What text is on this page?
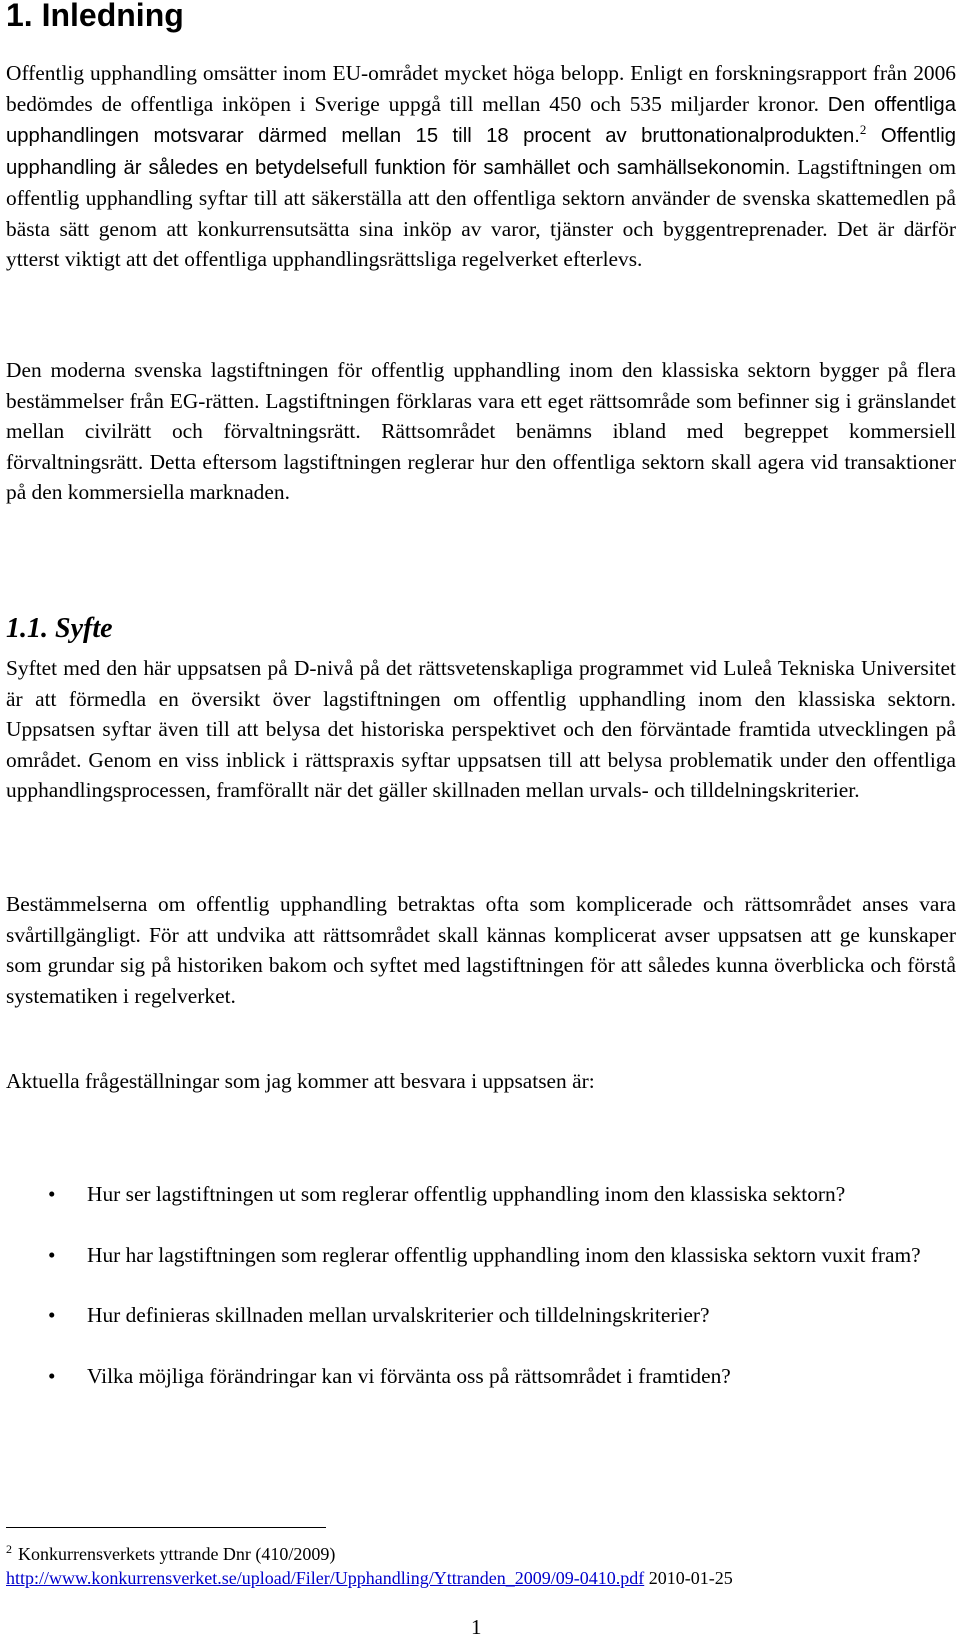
1. Inledning

Offentlig upphandling omsätter inom EU-området mycket höga belopp. Enligt en forskningsrapport från 2006 bedömdes de offentliga inköpen i Sverige uppgå till mellan 450 och 535 miljarder kronor. Den offentliga upphandlingen motsvarar därmed mellan 15 till 18 procent av bruttonationalprodukten.$^2$ Offentlig upphandling är således en betydelsefull funktion för samhället och samhällsekonomin. Lagstiftningen om offentlig upphandling syftar till att säkerställa att den offentliga sektorn använder de svenska skattemedlen på bästa sätt genom att konkurrensutsätta sina inköp av varor, tjänster och byggentreprenader. Det är därför ytterst viktigt att det offentliga upphandlingsrättsliga regelverket efterlevs.

Den moderna svenska lagstiftningen för offentlig upphandling inom den klassiska sektorn bygger på flera bestämmelser från EG-rätten. Lagstiftningen förklaras vara ett eget rättsområde som befinner sig i gränslandet mellan civilrätt och förvaltningsrätt. Rättsområdet benämns ibland med begreppet kommersiell förvaltningsrätt. Detta eftersom lagstiftningen reglerar hur den offentliga sektorn skall agera vid transaktioner på den kommersiella marknaden.

1.1. Syfte

Syftet med den här uppsatsen på D-nivå på det rättsvetenskapliga programmet vid Luleå Tekniska Universitet är att förmedla en översikt över lagstiftningen om offentlig upphandling inom den klassiska sektorn. Uppsatsen syftar även till att belysa det historiska perspektivet och den förväntade framtida utvecklingen på området. Genom en viss inblick i rättspraxis syftar uppsatsen till att belysa problematik under den offentliga upphandlingsprocessen, framförallt när det gäller skillnaden mellan urvals- och tilldelningskriterier.

Bestämmelserna om offentlig upphandling betraktas ofta som komplicerade och rättsområdet anses vara svårtillgängligt. För att undvika att rättsområdet skall kännas komplicerat avser uppsatsen att ge kunskaper som grundar sig på historiken bakom och syftet med lagstiftningen för att således kunna överblicka och förstå systematiken i regelverket.

Aktuella frågeställningar som jag kommer att besvara i uppsatsen är:

• Hur ser lagstiftningen ut som reglerar offentlig upphandling inom den klassiska sektorn?
• Hur har lagstiftningen som reglerar offentlig upphandling inom den klassiska sektorn vuxit fram?
• Hur definieras skillnaden mellan urvalskriterier och tilldelningskriterier?
• Vilka möjliga förändringar kan vi förvänta oss på rättsområdet i framtiden?
$^2$ Konkurrensverkets yttrande Dnr (410/2009)
http://www.konkurrensverket.se/upload/Filer/Upphandling/Yttranden_2009/09-0410.pdf 2010-01-25
1
